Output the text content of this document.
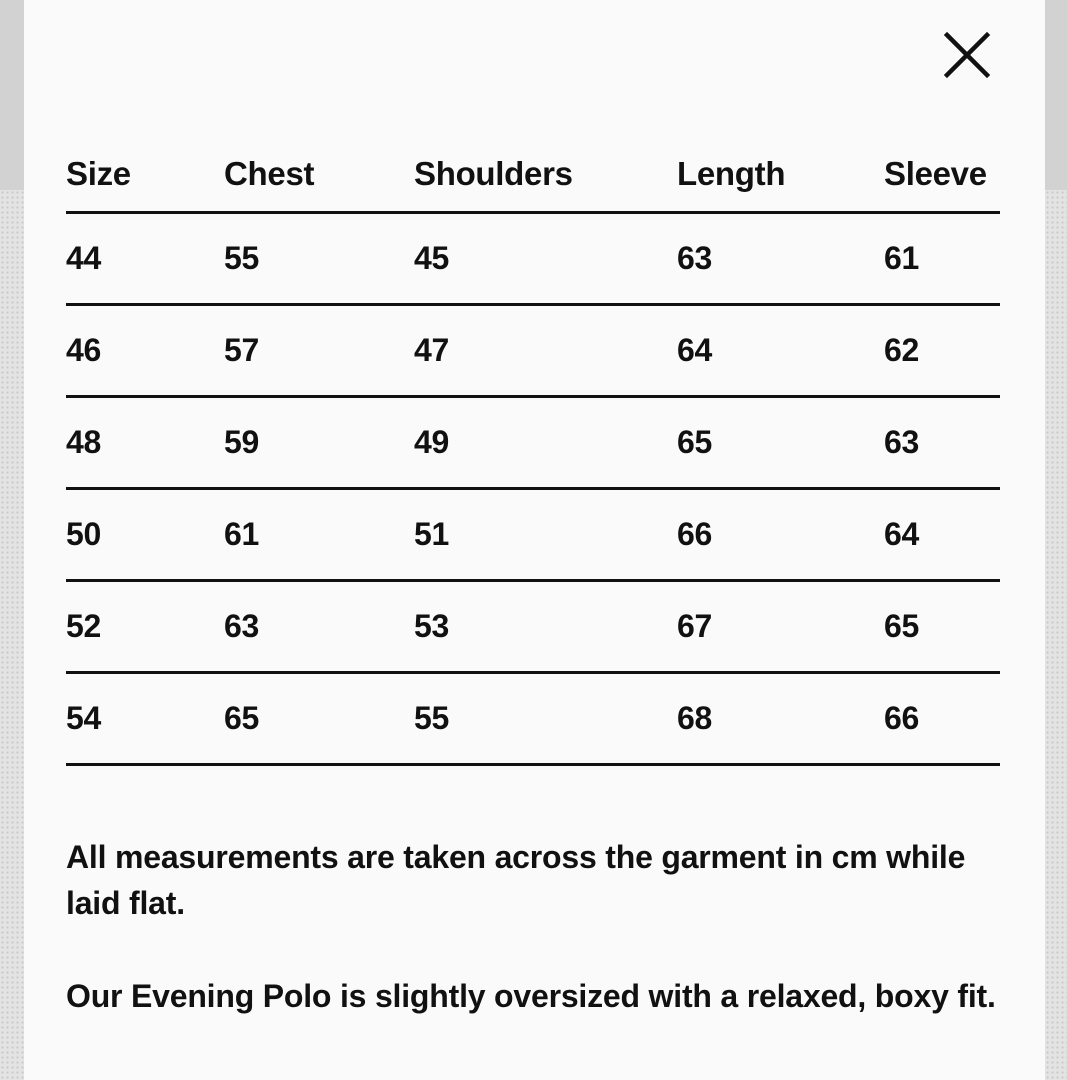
Size	Chest	Shoulders	Length	Sleeve
44	55	45	63	61
46	57	47	64	62
48	59	49	65	63
50	61	51	66	64
52	63	53	67	65
54	65	55	68	66
All measurements are taken across the garment in cm while laid flat.
Our Evening Polo is slightly oversized with a relaxed, boxy fit.
